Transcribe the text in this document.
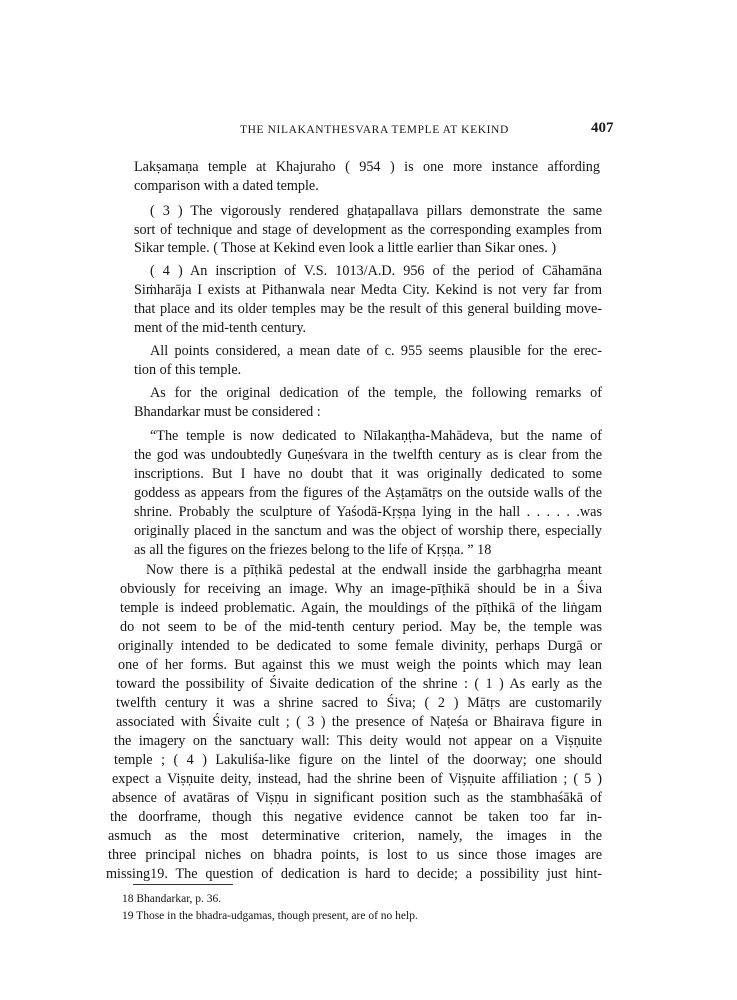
THE NILAKANTHESVARA TEMPLE AT KEKIND	407
Lakṣamaṇa temple at Khajuraho ( 954 ) is one more instance affording
comparison with a dated temple.
( 3 ) The vigorously rendered ghaṭapallava pillars demonstrate the same
sort of technique and stage of development as the corresponding examples from
Sikar temple. ( Those at Kekind even look a little earlier than Sikar ones. )
( 4 ) An inscription of V.S. 1013/A.D. 956 of the period of Cāhamāna
Siṁharāja I exists at Pithanwala near Medta City. Kekind is not very far from
that place and its older temples may be the result of this general building move-
ment of the mid-tenth century.
All points considered, a mean date of c. 955 seems plausible for the erec-
tion of this temple.
As for the original dedication of the temple, the following remarks of
Bhandarkar must be considered :
“The temple is now dedicated to Nīlakaṇṭha-Mahādeva, but the name of
the god was undoubtedly Guṇeśvara in the twelfth century as is clear from the
inscriptions. But I have no doubt that it was originally dedicated to some
goddess as appears from the figures of the Aṣṭamātṛs on the outside walls of the
shrine. Probably the sculpture of Yaśodā-Kṛṣṇa lying in the hall . . . . . .was
originally placed in the sanctum and was the object of worship there, especially
as all the figures on the friezes belong to the life of Kṛṣṇa. ” 18
Now there is a pīṭhikā pedestal at the endwall inside the garbhagṛha meant
obviously for receiving an image. Why an image-pīṭhikā should be in a Śiva
temple is indeed problematic. Again, the mouldings of the pīṭhikā of the liṅgam
do not seem to be of the mid-tenth century period. May be, the temple was
originally intended to be dedicated to some female divinity, perhaps Durgā or
one of her forms. But against this we must weigh the points which may lean
toward the possibility of Śivaite dedication of the shrine : ( 1 ) As early as the
twelfth century it was a shrine sacred to Śiva; ( 2 ) Mātṛs are customarily
associated with Śivaite cult ; ( 3 ) the presence of Naṭeśa or Bhairava figure in
the imagery on the sanctuary wall: This deity would not appear on a Viṣṇuite
temple ; ( 4 ) Lakuliśa-like figure on the lintel of the doorway; one should
expect a Viṣṇuite deity, instead, had the shrine been of Viṣṇuite affiliation ; ( 5 )
absence of avatāras of Viṣṇu in significant position such as the stambhaśākā of
the doorframe, though this negative evidence cannot be taken too far in-
asmuch as the most determinative criterion, namely, the images in the
three principal niches on bhadra points, is lost to us since those images are
missing19. The question of dedication is hard to decide; a possibility just hint-
18 Bhandarkar, p. 36.
19 Those in the bhadra-udgamas, though present, are of no help.
